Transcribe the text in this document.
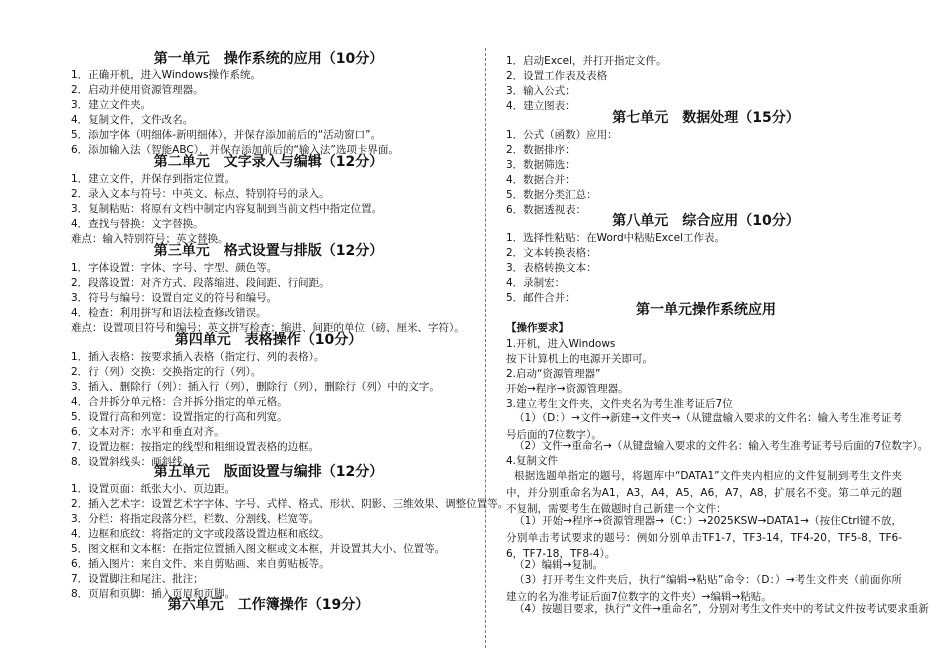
第一单元　操作系统的应用（10分）
1．正确开机，进入Windows操作系统。
2．启动并使用资源管理器。
3．建立文件夹。
4．复制文件，文件改名。
5．添加字体（明细体-新明细体），并保存添加前后的“活动窗口”。
6．添加输入法（智能ABC），并保存添加前后的“输入法”选项卡界面。
第二单元　文字录入与编辑（12分）
1．建立文件，并保存到指定位置。
2．录入文本与符号：中英文、标点、特别符号的录入。
3．复制粘贴：将原有文档中制定内容复制到当前文档中指定位置。
4．查找与替换：文字替换。
难点：输入特别符号；英文替换。
第三单元　格式设置与排版（12分）
1．字体设置：字体、字号、字型、颜色等。
2．段落设置：对齐方式、段落缩进、段间距、行间距。
3．符号与编号：设置自定义的符号和编号。
4．检查：利用拼写和语法检查修改错误。
难点：设置项目符号和编号；英文拼写检查；缩进、间距的单位（磅、厘米、字符）。
第四单元　表格操作（10分）
1．插入表格：按要求插入表格（指定行、列的表格）。
2．行（列）交换：交换指定的行（列）。
3．插入、删除行（列）：插入行（列），删除行（列），删除行（列）中的文字。
4．合并拆分单元格：合并拆分指定的单元格。
5．设置行高和列宽：设置指定的行高和列宽。
6．文本对齐：水平和垂直对齐。
7．设置边框：按指定的线型和粗细设置表格的边框。
8．设置斜线头：画斜线。
第五单元　版面设置与编排（12分）
1．设置页面：纸张大小、页边距。
2．插入艺术字：设置艺术字字体、字号、式样、格式、形状、阴影、三维效果、调整位置等。
3．分栏：将指定段落分栏，栏数、分割线、栏宽等。
4．边框和底纹：将指定的文字或段落设置边框和底纹。
5．图文框和文本框：在指定位置插入图文框或文本框，并设置其大小、位置等。
6．插入图片：来自文件、来自剪贴画、来自剪贴板等。
7．设置脚注和尾注、批注；
8．页眉和页脚：插入页眉和页脚。
第六单元　工作簿操作（19分）
1．启动Excel，并打开指定文件。
2．设置工作表及表格
3．输入公式：
4．建立图表：
第七单元　数据处理（15分）
1．公式（函数）应用：
2．数据排序：
3．数据筛选：
4．数据合并：
5．数据分类汇总：
6．数据透视表：
第八单元　综合应用（10分）
1．选择性粘贴：在Word中粘贴Excel工作表。
2．文本转换表格：
3．表格转换文本：
4．录制宏：
5．邮件合并：
第一单元操作系统应用
【操作要求】
1.开机，进入Windows
按下计算机上的电源开关即可。
2.启动“资源管理器”
开始→程序→资源管理器。
3.建立考生文件夹，文件夹名为考生准考证后7位
（1）（D：）→文件→新建→文件夹→（从键盘输入要求的文件名：输入考生准考证考号后面的7位数字）。
（2）文件→重命名→（从键盘输入要求的文件名：输入考生准考证考号后面的7位数字）。
4.复制文件
根据选题单指定的题号，将题库中“DATA1”文件夹内相应的文件复制到考生文件夹中，并分别重命名为A1，A3，A4，A5，A6，A7，A8，扩展名不变。第二单元的题不复制，需要考生在做题时自己新建一个文件：
（1）开始→程序→资源管理器→（C：）→2025KSW→DATA1→（按住Ctrl键不放，分别单击考试要求的题号：例如分别单击TF1-7，TF3-14，TF4-20，TF5-8，TF6-6，TF7-18，TF8-4）。
（2）编辑→复制。
（3）打开考生文件夹后，执行“编辑→粘贴”命令：（D：）→考生文件夹（前面你所建立的名为准考证后面7位数字的文件夹）→编辑→粘贴。
（4）按题目要求，执行“文件→重命名”，分别对考生文件夹中的考试文件按考试要求重新
